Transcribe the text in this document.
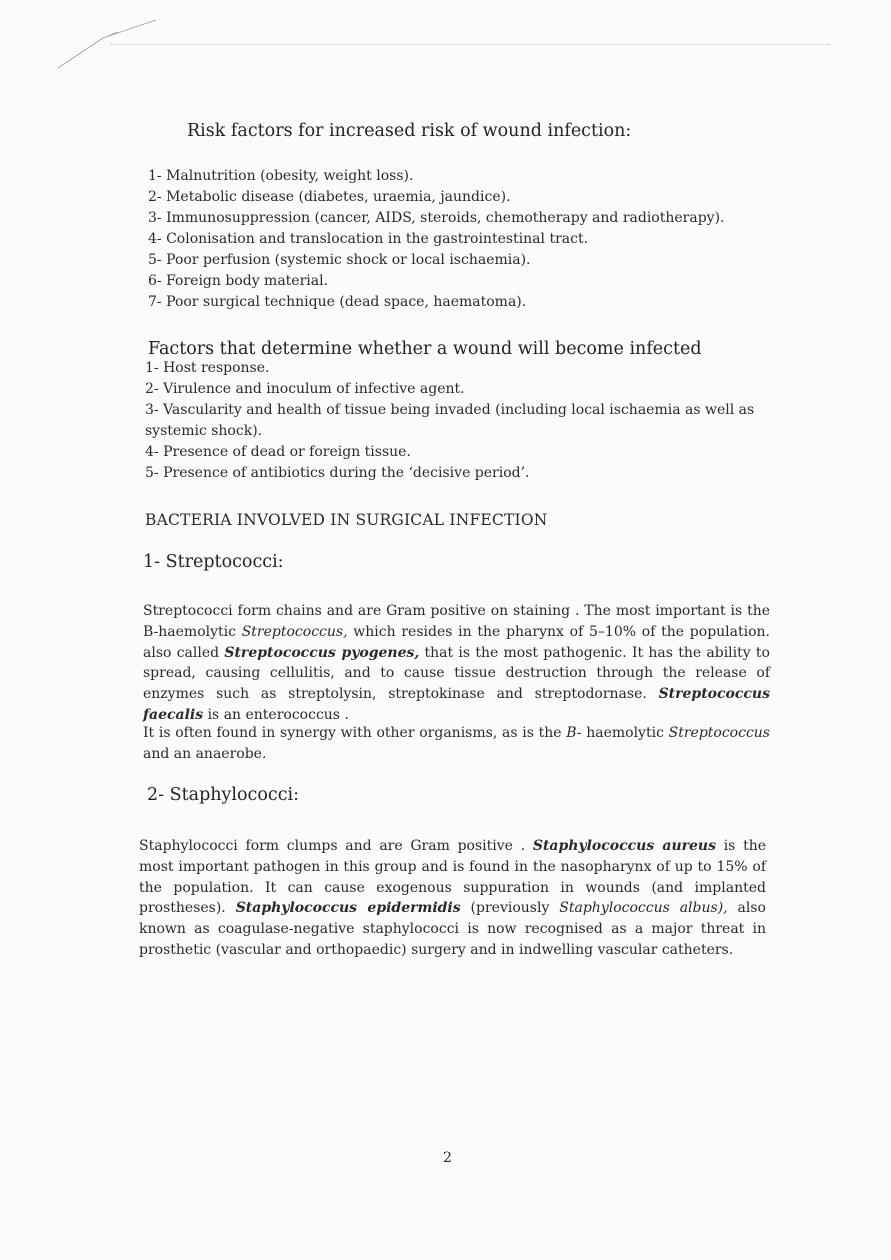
Risk factors for increased risk of wound infection:
1- Malnutrition (obesity, weight loss).
2- Metabolic disease (diabetes, uraemia, jaundice).
3- Immunosuppression (cancer, AIDS, steroids, chemotherapy and radiotherapy).
4- Colonisation and translocation in the gastrointestinal tract.
5- Poor perfusion (systemic shock or local ischaemia).
6- Foreign body material.
7- Poor surgical technique (dead space, haematoma).
Factors that determine whether a wound will become infected
1- Host response.
2- Virulence and inoculum of infective agent.
3- Vascularity and health of tissue being invaded (including local ischaemia as well as systemic shock).
4- Presence of dead or foreign tissue.
5- Presence of antibiotics during the ‘decisive period’.
BACTERIA INVOLVED IN SURGICAL INFECTION
1- Streptococci:

Streptococci form chains and are Gram positive on staining . The most important is the B-haemolytic Streptococcus, which resides in the pharynx of 5–10% of the population. also called Streptococcus pyogenes, that is the most pathogenic. It has the ability to spread, causing cellulitis, and to cause tissue destruction through the release of enzymes such as streptolysin, streptokinase and streptodornase. Streptococcus faecalis is an enterococcus .

It is often found in synergy with other organisms, as is the B- haemolytic Streptococcus and an anaerobe.

2- Staphylococci:

Staphylococci form clumps and are Gram positive . Staphylococcus aureus is the most important pathogen in this group and is found in the nasopharynx of up to 15% of the population. It can cause exogenous suppuration in wounds (and implanted prostheses). Staphylococcus epidermidis (previously Staphylococcus albus), also known as coagulase-negative staphylococci is now recognised as a major threat in prosthetic (vascular and orthopaedic) surgery and in indwelling vascular catheters.

2
